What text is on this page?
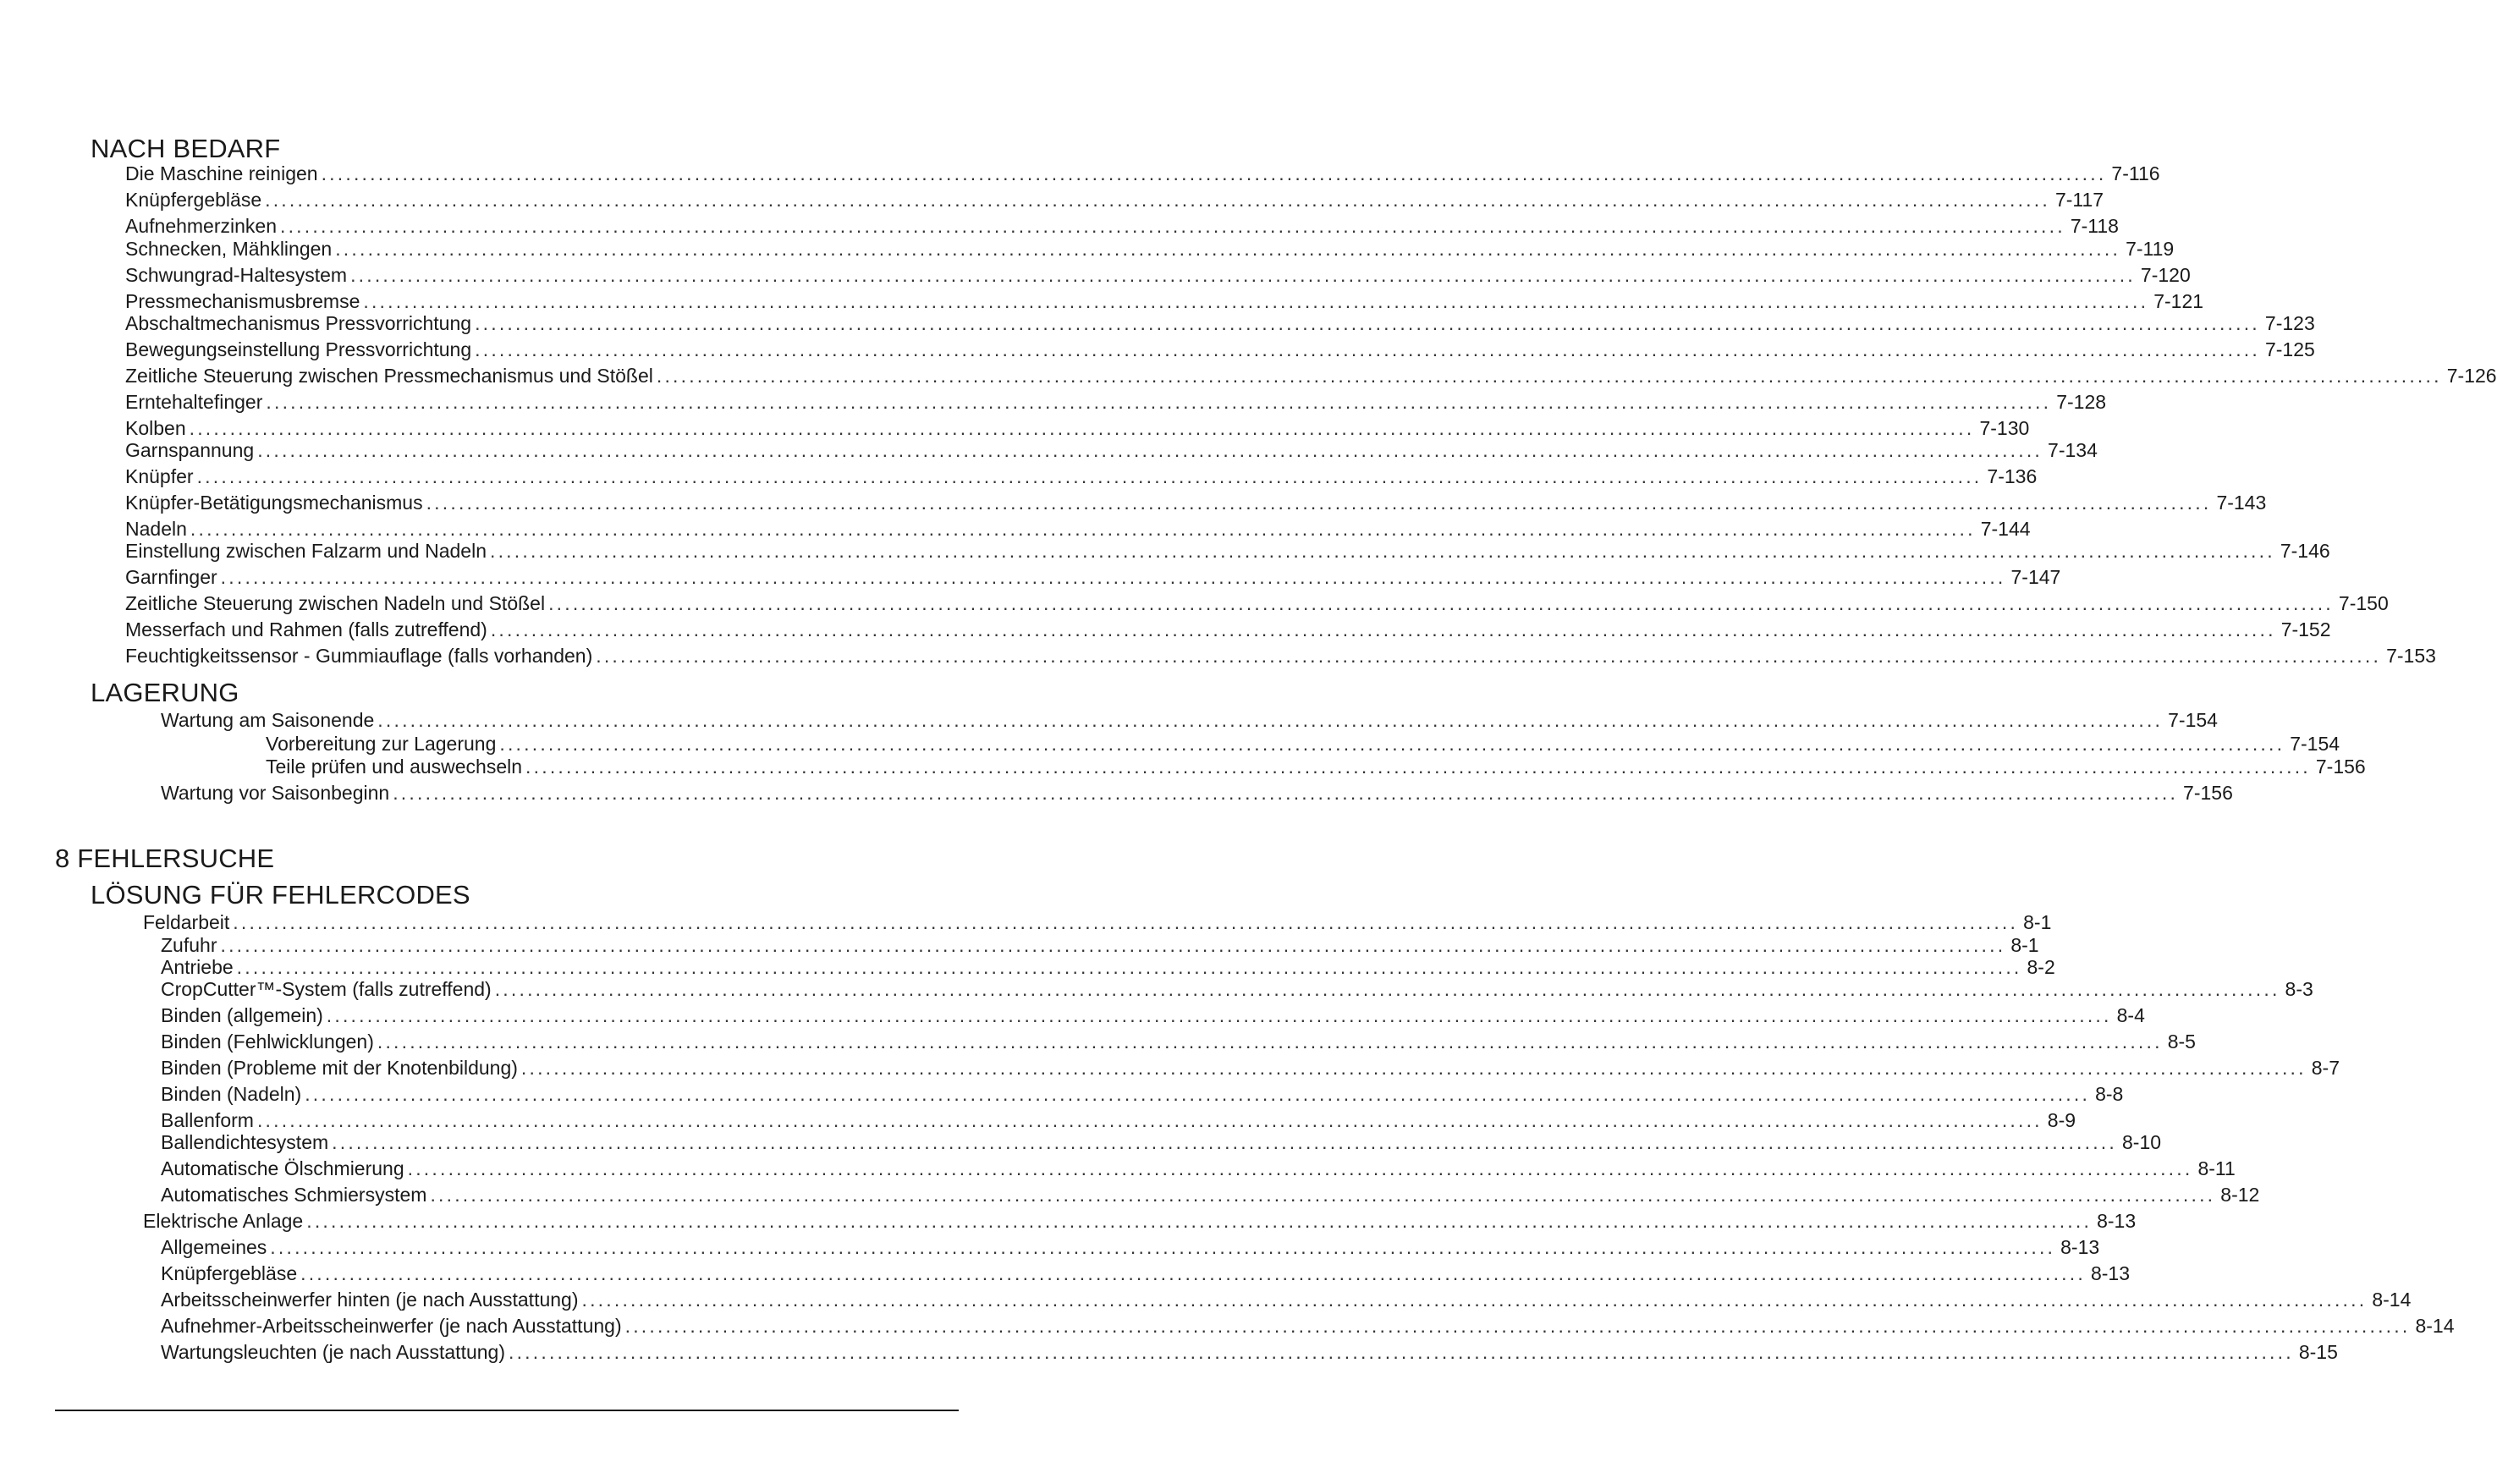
NACH BEDARF
Die Maschine reinigen ............................................................................................................................................................................................................................ 7-116
Knüpfergebläse ............................................................................................................................................................................................................................ 7-117
Aufnehmerzinken ............................................................................................................................................................................................................................ 7-118
Schnecken, Mähklingen ............................................................................................................................................................................................................................ 7-119
Schwungrad-Haltesystem ............................................................................................................................................................................................................................ 7-120
Pressmechanismusbremse ............................................................................................................................................................................................................................ 7-121
Abschaltmechanismus Pressvorrichtung ............................................................................................................................................................................................................................ 7-123
Bewegungseinstellung Pressvorrichtung ............................................................................................................................................................................................................................ 7-125
Zeitliche Steuerung zwischen Pressmechanismus und Stößel ............................................................................................................................................................................................................................ 7-126
Erntehaltefinger ............................................................................................................................................................................................................................ 7-128
Kolben ............................................................................................................................................................................................................................ 7-130
Garnspannung ............................................................................................................................................................................................................................ 7-134
Knüpfer ............................................................................................................................................................................................................................ 7-136
Knüpfer-Betätigungsmechanismus ............................................................................................................................................................................................................................ 7-143
Nadeln ............................................................................................................................................................................................................................ 7-144
Einstellung zwischen Falzarm und Nadeln ............................................................................................................................................................................................................................ 7-146
Garnfinger ............................................................................................................................................................................................................................ 7-147
Zeitliche Steuerung zwischen Nadeln und Stößel ............................................................................................................................................................................................................................ 7-150
Messerfach und Rahmen (falls zutreffend) ............................................................................................................................................................................................................................ 7-152
Feuchtigkeitssensor - Gummiauflage (falls vorhanden) ............................................................................................................................................................................................................................ 7-153
LAGERUNG
Wartung am Saisonende ............................................................................................................................................................................................................................ 7-154
Vorbereitung zur Lagerung ............................................................................................................................................................................................................................ 7-154
Teile prüfen und auswechseln ............................................................................................................................................................................................................................ 7-156
Wartung vor Saisonbeginn ............................................................................................................................................................................................................................ 7-156
8 FEHLERSUCHE
LÖSUNG FÜR FEHLERCODES
Feldarbeit ............................................................................................................................................................................................................................ 8-1
Zufuhr ............................................................................................................................................................................................................................ 8-1
Antriebe ............................................................................................................................................................................................................................ 8-2
CropCutter™-System (falls zutreffend) ............................................................................................................................................................................................................................ 8-3
Binden (allgemein) ............................................................................................................................................................................................................................ 8-4
Binden (Fehlwicklungen) ............................................................................................................................................................................................................................ 8-5
Binden (Probleme mit der Knotenbildung) ............................................................................................................................................................................................................................ 8-7
Binden (Nadeln) ............................................................................................................................................................................................................................ 8-8
Ballenform ............................................................................................................................................................................................................................ 8-9
Ballendichtesystem ............................................................................................................................................................................................................................ 8-10
Automatische Ölschmierung ............................................................................................................................................................................................................................ 8-11
Automatisches Schmiersystem ............................................................................................................................................................................................................................ 8-12
Elektrische Anlage ............................................................................................................................................................................................................................ 8-13
Allgemeines ............................................................................................................................................................................................................................ 8-13
Knüpfergebläse ............................................................................................................................................................................................................................ 8-13
Arbeitsscheinwerfer hinten (je nach Ausstattung) ............................................................................................................................................................................................................................ 8-14
Aufnehmer-Arbeitsscheinwerfer (je nach Ausstattung) ............................................................................................................................................................................................................................ 8-14
Wartungsleuchten (je nach Ausstattung) ............................................................................................................................................................................................................................ 8-15
